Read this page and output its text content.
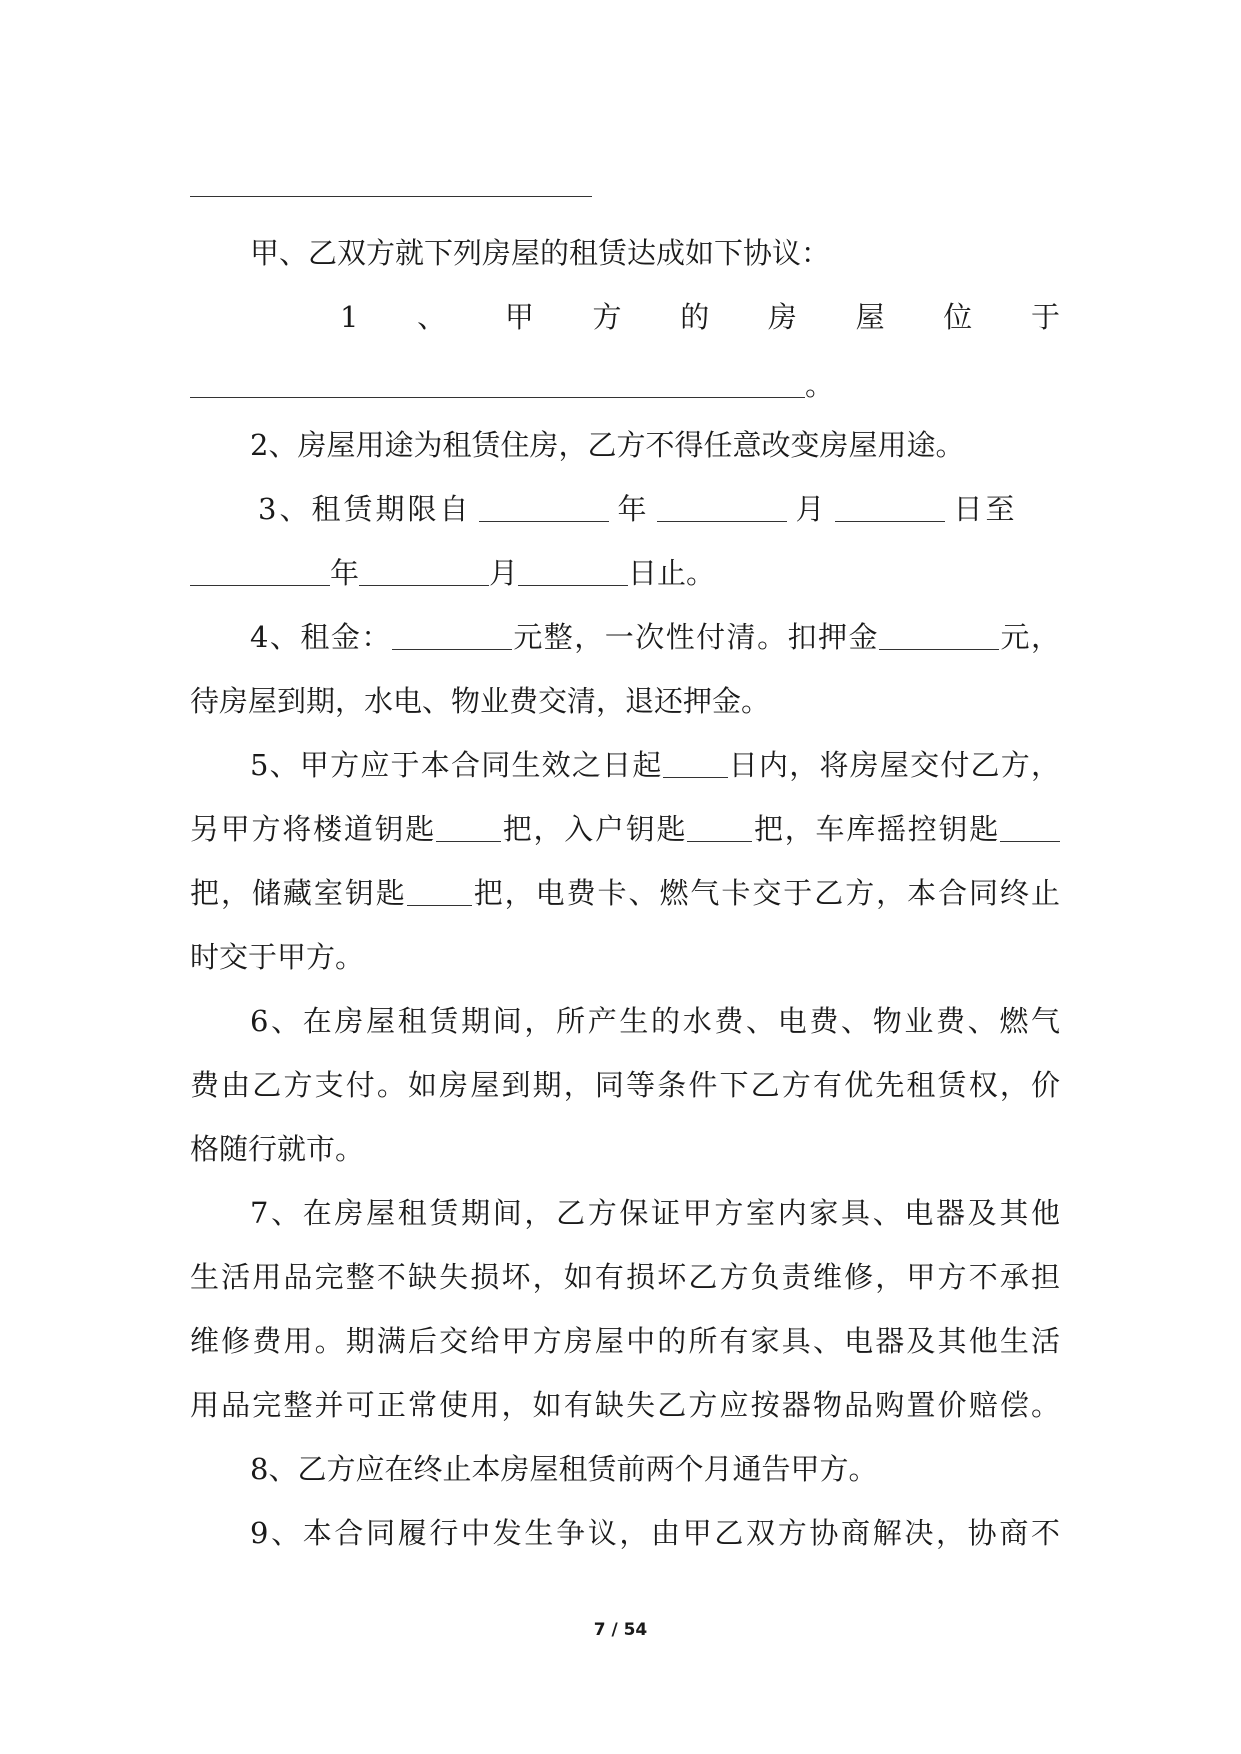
甲、乙双方就下列房屋的租赁达成如下协议：
1 、 甲 方 的 房 屋 位 于
。
2、房屋用途为租赁住房，乙方不得任意改变房屋用途。
3、租赁期限自	年	月	日至
年	月	日止。
4、租金：	元整，一次性付清。扣押金	元，
待房屋到期，水电、物业费交清，退还押金。
5、甲方应于本合同生效之日起 日内，将房屋交付乙方，
另甲方将楼道钥匙 把，入户钥匙 把，车库摇控钥匙
把，储藏室钥匙 把，电费卡、燃气卡交于乙方，本合同终止
时交于甲方。
6、在房屋租赁期间，所产生的水费、电费、物业费、燃气
费由乙方支付。如房屋到期，同等条件下乙方有优先租赁权，价
格随行就市。
7、在房屋租赁期间，乙方保证甲方室内家具、电器及其他
生活用品完整不缺失损坏，如有损坏乙方负责维修，甲方不承担
维修费用。期满后交给甲方房屋中的所有家具、电器及其他生活
用品完整并可正常使用，如有缺失乙方应按器物品购置价赔偿。
8、乙方应在终止本房屋租赁前两个月通告甲方。
9、本合同履行中发生争议，由甲乙双方协商解决，协商不
7 / 54
